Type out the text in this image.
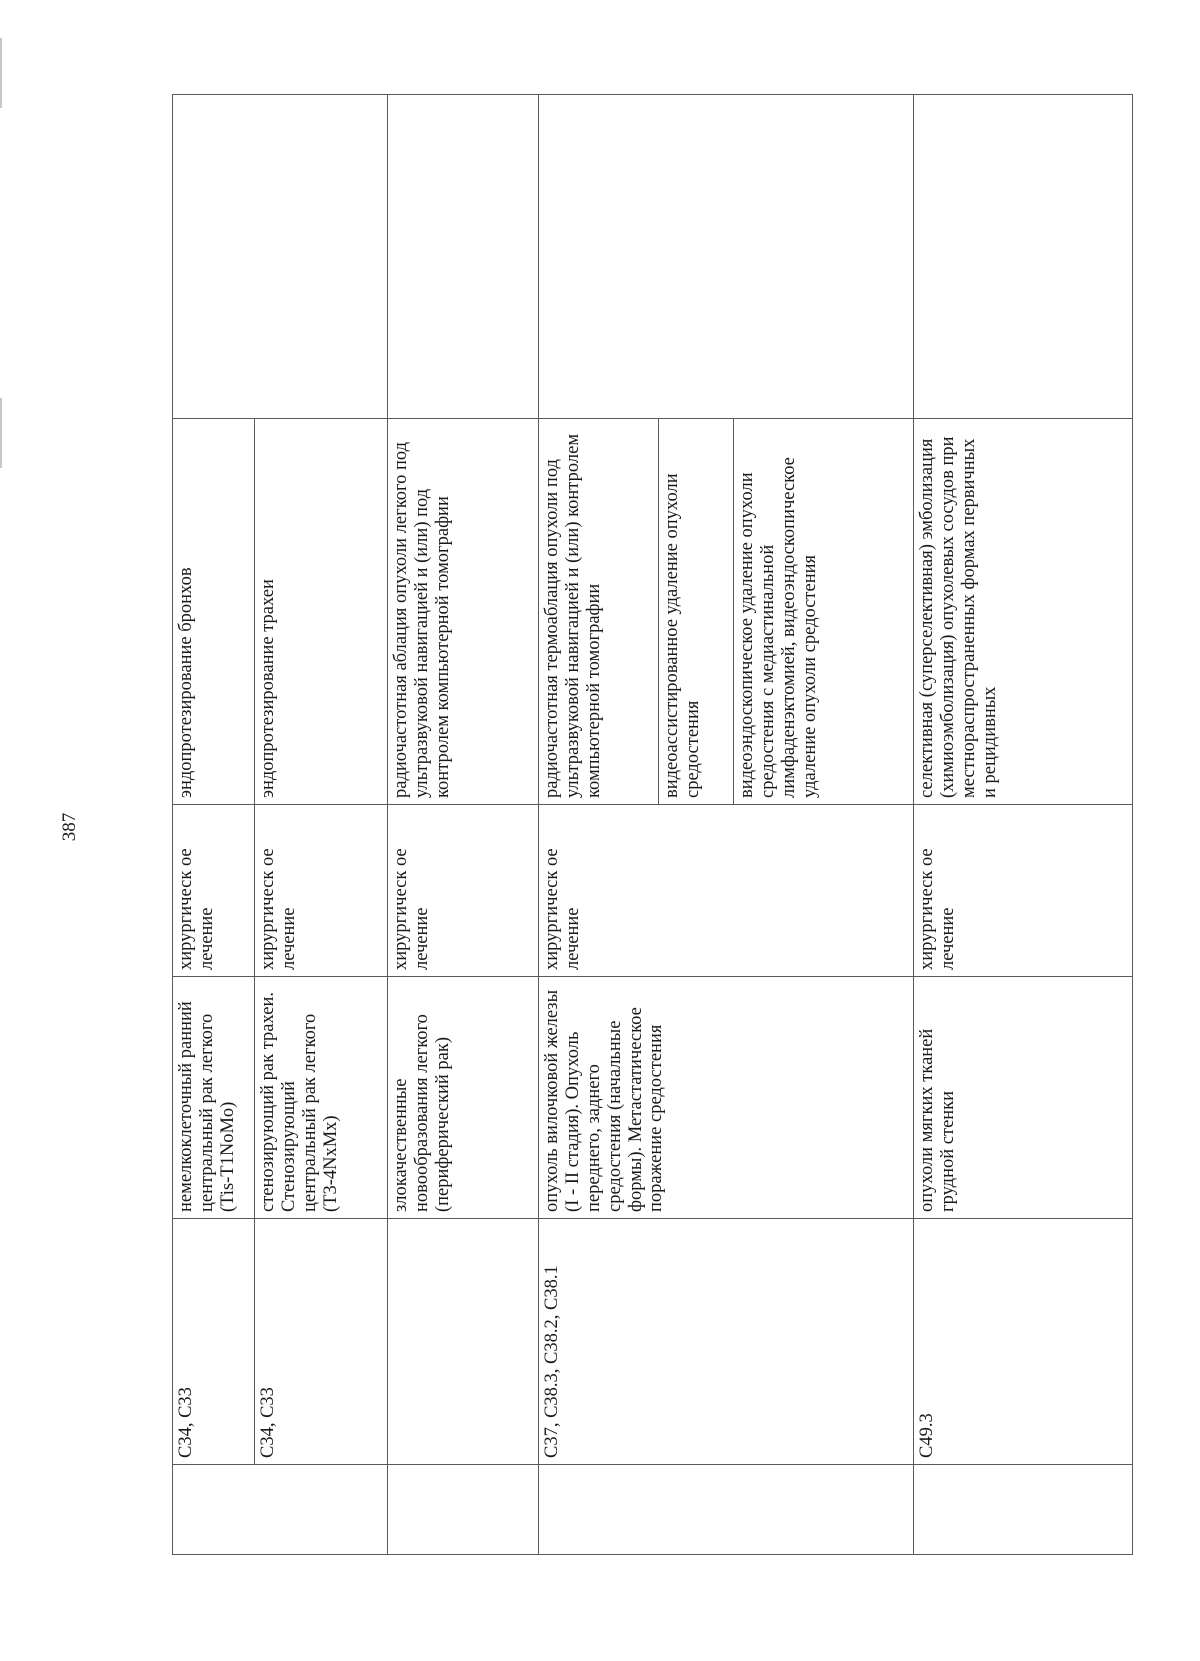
387

	C34, C33	немелкоклеточный ранний центральный рак легкого (Tis-T1NoMo)	хирургическ ое лечение	эндопротезирование бронхов	

	C34, C33	стенозирующий рак трахеи. Стенозирующий центральный рак легкого (T3-4NxMx)	хирургическ ое лечение	эндопротезирование трахеи	

		злокачественные новообразования легкого (периферический рак)	хирургическ ое лечение	радиочастотная аблация опухоли легкого под ультразвуковой навигацией и (или) под контролем компьютерной томографии	

	C37, C38.3, C38.2, C38.1	опухоль вилочковой железы (I - II стадия). Опухоль переднего, заднего средостения (начальные формы). Метастатическое поражение средостения	хирургическ ое лечение	радиочастотная термоаблация опухоли под ультразвуковой навигацией и (или) контролем компьютерной томографии	

				видеоассистированное удаление опухоли средостения	

				видеоэндоскопическое удаление опухоли средостения с медиастинальной лимфаденэктомией, видеоэндоскопическое удаление опухоли средостения	

	C49.3	опухоли мягких тканей грудной стенки	хирургическ ое лечение	селективная (суперселективная) эмболизация (химиоэмболизация) опухолевых сосудов при местнораспространенных формах первичных и рецидивных	
